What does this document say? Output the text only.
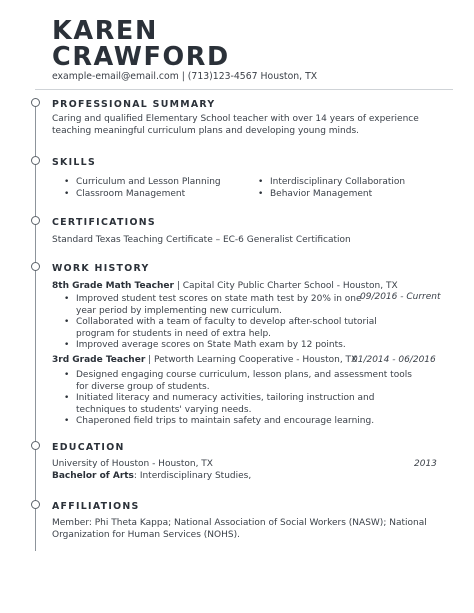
KAREN
CRAWFORD
example-email@email.com | (713)123-4567 Houston, TX
PROFESSIONAL SUMMARY
Caring and qualified Elementary School teacher with over 14 years of experience
teaching meaningful curriculum plans and developing young minds.
SKILLS
• Curriculum and Lesson Planning
• Classroom Management
• Interdisciplinary Collaboration
• Behavior Management
CERTIFICATIONS
Standard Texas Teaching Certificate – EC-6 Generalist Certification
WORK HISTORY
8th Grade Math Teacher | Capital City Public Charter School - Houston, TX
09/2016 - Current
• Improved student test scores on state math test by 20% in one year period by implementing new curriculum.
• Collaborated with a team of faculty to develop after-school tutorial program for students in need of extra help.
• Improved average scores on State Math exam by 12 points.
3rd Grade Teacher | Petworth Learning Cooperative - Houston, TX
01/2014 - 06/2016
• Designed engaging course curriculum, lesson plans, and assessment tools for diverse group of students.
• Initiated literacy and numeracy activities, tailoring instruction and techniques to students' varying needs.
• Chaperoned field trips to maintain safety and encourage learning.
EDUCATION
University of Houston - Houston, TX	2013
Bachelor of Arts: Interdisciplinary Studies,
AFFILIATIONS
Member: Phi Theta Kappa; National Association of Social Workers (NASW); National
Organization for Human Services (NOHS).
